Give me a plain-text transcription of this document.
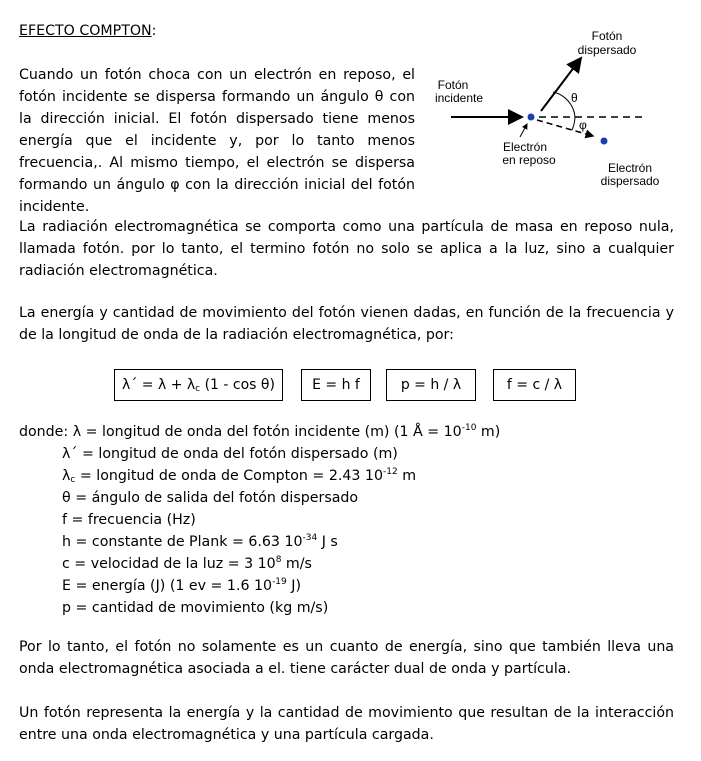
EFECTO COMPTON:
Cuando un fotón choca con un electrón en reposo, el fotón incidente se dispersa formando un ángulo θ con la dirección inicial. El fotón dispersado tiene menos energía que el incidente y, por lo tanto menos frecuencia,. Al mismo tiempo, el electrón se dispersa formando un ángulo φ con la dirección inicial del fotón incidente.
Fotón
dispersado
Fotón
incidente	θ
φ
Electrón
en reposo
Electrón
dispersado
La radiación electromagnética se comporta como una partícula de masa en reposo nula, llamada fotón. por lo tanto, el termino fotón no solo se aplica a la luz, sino a cualquier radiación electromagnética.
La energía y cantidad de movimiento del fotón vienen dadas, en función de la frecuencia y de la longitud de onda de la radiación electromagnética, por:
λ´ = $\lambda + \lambda_c$ (1 - cos θ)	E = h f	p = h / λ	f = c / λ
donde: λ = longitud de onda del fotón incidente (m) (1 Å = $10^{-10}$ m)
λ´ = longitud de onda del fotón dispersado (m)
$\lambda_c$ = longitud de onda de Compton = 2.43 $10^{-12}$ m
θ = ángulo de salida del fotón dispersado
f = frecuencia (Hz)
h = constante de Plank = 6.63 $10^{-34}$ J s
c = velocidad de la luz = 3 $10^8$ m/s
E = energía (J) (1 ev = 1.6 $10^{-19}$ J)
p = cantidad de movimiento (kg m/s)
Por lo tanto, el fotón no solamente es un cuanto de energía, sino que también lleva una onda electromagnética asociada a el. tiene carácter dual de onda y partícula.
Un fotón representa la energía y la cantidad de movimiento que resultan de la interacción entre una onda electromagnética y una partícula cargada.
